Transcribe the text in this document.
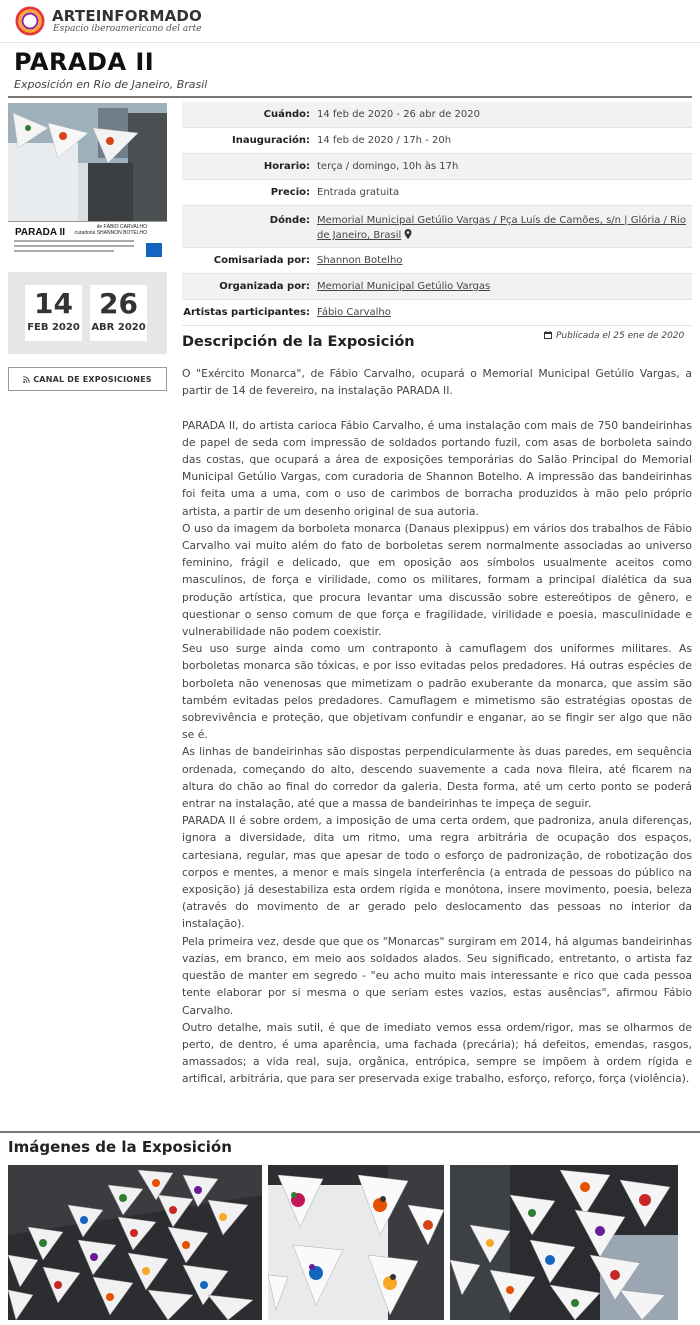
ARTEINFORMADO
Espacio iberoamericano del arte
PARADA II
Exposición en Rio de Janeiro, Brasil
PARADA II	de FÁBIO CARVALHO
curadoria SHANNON BOTELHO
14
FEB 2020
26
ABR 2020
CANAL DE EXPOSICIONES
Cuándo: 14 feb de 2020 - 26 abr de 2020
Inauguración: 14 feb de 2020 / 17h - 20h
Horario: terça / domingo, 10h às 17h
Precio: Entrada gratuita
Dónde: Memorial Municipal Getúlio Vargas / Pça Luís de Camões, s/n | Glória / Rio de Janeiro, Brasil
Comisariada por: Shannon Botelho
Organizada por: Memorial Municipal Getúlio Vargas
Artistas participantes: Fábio Carvalho
Publicada el 25 ene de 2020
Descripción de la Exposición

O "Exército Monarca", de Fábio Carvalho, ocupará o Memorial Municipal Getúlio Vargas, a partir de 14 de fevereiro, na instalação PARADA II.

PARADA II, do artista carioca Fábio Carvalho, é uma instalação com mais de 750 bandeirinhas de papel de seda com impressão de soldados portando fuzil, com asas de borboleta saindo das costas, que ocupará a área de exposições temporárias do Salão Principal do Memorial Municipal Getúlio Vargas, com curadoria de Shannon Botelho. A impressão das bandeirinhas foi feita uma a uma, com o uso de carimbos de borracha produzidos à mão pelo próprio artista, a partir de um desenho original de sua autoria.

O uso da imagem da borboleta monarca (Danaus plexippus) em vários dos trabalhos de Fábio Carvalho vai muito além do fato de borboletas serem normalmente associadas ao universo feminino, frágil e delicado, que em oposição aos símbolos usualmente aceitos como masculinos, de força e virilidade, como os militares, formam a principal dialética da sua produção artística, que procura levantar uma discussão sobre estereótipos de gênero, e questionar o senso comum de que força e fragilidade, virilidade e poesia, masculinidade e vulnerabilidade não podem coexistir.

Seu uso surge ainda como um contraponto à camuflagem dos uniformes militares. As borboletas monarca são tóxicas, e por isso evitadas pelos predadores. Há outras espécies de borboleta não venenosas que mimetizam o padrão exuberante da monarca, que assim são também evitadas pelos predadores. Camuflagem e mimetismo são estratégias opostas de sobrevivência e proteção, que objetivam confundir e enganar, ao se fingir ser algo que não se é.

As linhas de bandeirinhas são dispostas perpendicularmente às duas paredes, em sequência ordenada, começando do alto, descendo suavemente a cada nova fileira, até ficarem na altura do chão ao final do corredor da galeria. Desta forma, até um certo ponto se poderá entrar na instalação, até que a massa de bandeirinhas te impeça de seguir.

PARADA II é sobre ordem, a imposição de uma certa ordem, que padroniza, anula diferenças, ignora a diversidade, dita um ritmo, uma regra arbitrária de ocupação dos espaços, cartesiana, regular, mas que apesar de todo o esforço de padronização, de robotização dos corpos e mentes, a menor e mais singela interferência (a entrada de pessoas do público na exposição) já desestabiliza esta ordem rígida e monótona, insere movimento, poesia, beleza (através do movimento de ar gerado pelo deslocamento das pessoas no interior da instalação).

Pela primeira vez, desde que que os "Monarcas" surgiram em 2014, há algumas bandeirinhas vazias, em branco, em meio aos soldados alados. Seu significado, entretanto, o artista faz questão de manter em segredo - "eu acho muito mais interessante e rico que cada pessoa tente elaborar por si mesma o que seriam estes vazios, estas ausências", afirmou Fábio Carvalho.

Outro detalhe, mais sutil, é que de imediato vemos essa ordem/rigor, mas se olharmos de perto, de dentro, é uma aparência, uma fachada (precária); há defeitos, emendas, rasgos, amassados; a vida real, suja, orgânica, entrópica, sempre se impõem à ordem rígida e artifical, arbitrária, que para ser preservada exige trabalho, esforço, reforço, força (violência).

Imágenes de la Exposición
